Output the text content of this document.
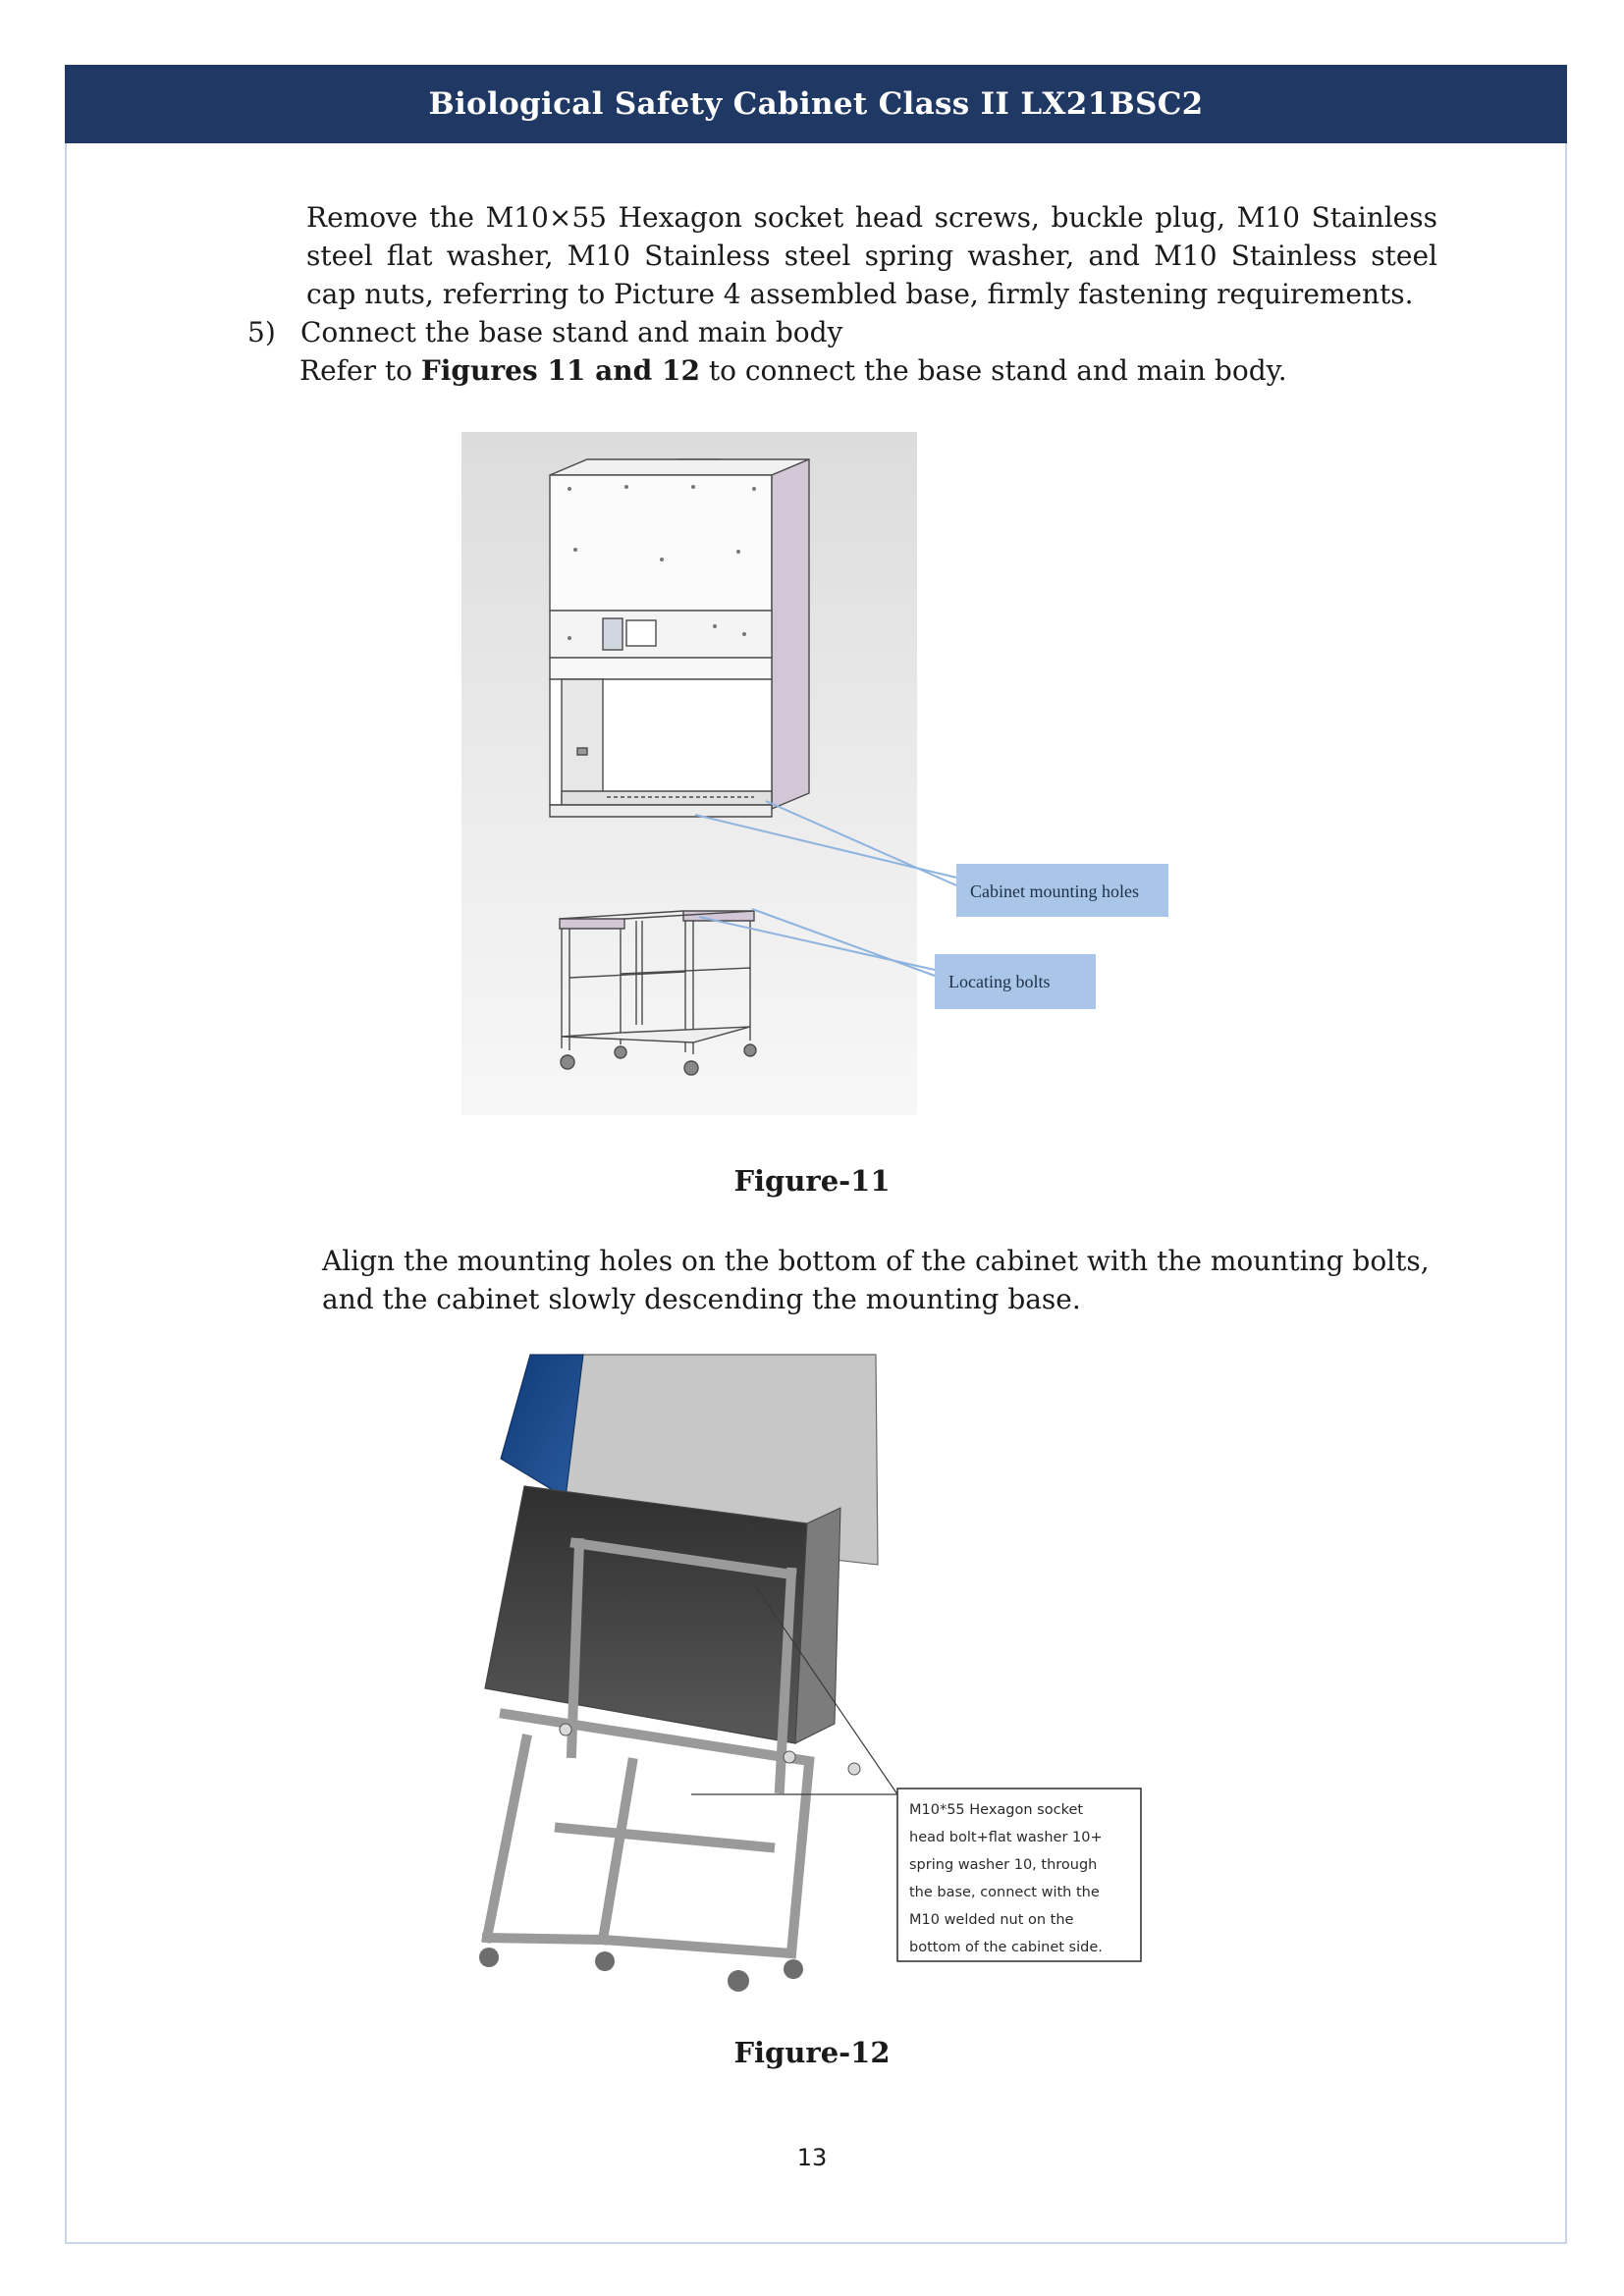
Biological Safety Cabinet Class II LX21BSC2
Remove the M10×55 Hexagon socket head screws, buckle plug, M10 Stainless steel flat washer, M10 Stainless steel spring washer, and M10 Stainless steel cap nuts, referring to Picture 4 assembled base, firmly fastening requirements.
5) Connect the base stand and main body
Refer to Figures 11 and 12 to connect the base stand and main body.
Cabinet mounting holes
Locating bolts
Figure-11
Align the mounting holes on the bottom of the cabinet with the mounting bolts, and the cabinet slowly descending the mounting base.
M10*55 Hexagon socket
head bolt+flat washer 10+
spring washer 10, through
the base, connect with the
M10 welded nut on the
bottom of the cabinet side.
Figure-12
13
